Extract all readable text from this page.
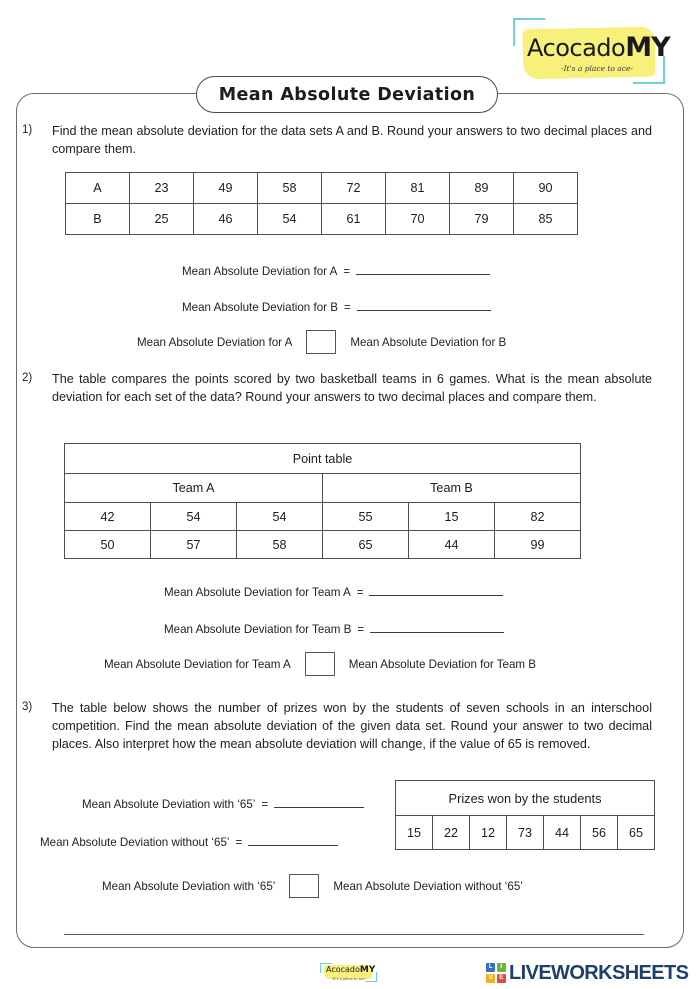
AcocadoMY
-It's a place to ace-
Mean Absolute Deviation
1)	Find the mean absolute deviation for the data sets A and B. Round your answers to two decimal places and compare them.
A	23	49	58	72	81	89	90
B	25	46	54	61	70	79	85
Mean Absolute Deviation for A =
Mean Absolute Deviation for B =
Mean Absolute Deviation for A	Mean Absolute Deviation for B
2)	The table compares the points scored by two basketball teams in 6 games. What is the mean absolute deviation for each set of the data? Round your answers to two decimal places and compare them.
Point table					
Team A			Team B		
42	54	54	55	15	82
50	57	58	65	44	99
Mean Absolute Deviation for Team A =
Mean Absolute Deviation for Team B =
Mean Absolute Deviation for Team A	Mean Absolute Deviation for Team B
3)	The table below shows the number of prizes won by the students of seven schools in an interschool competition. Find the mean absolute deviation of the given data set. Round your answer to two decimal places. Also interpret how the mean absolute deviation will change, if the value of 65 is removed.
Prizes won by the students
15	22	12	73	44	56	65
Mean Absolute Deviation with ‘65’ =
Mean Absolute Deviation without ‘65’ =
Mean Absolute Deviation with ‘65’	Mean Absolute Deviation without ‘65’
AcocadoMY
-It's a place to ace-
L	I
V E LIVEWORKSHEETS
